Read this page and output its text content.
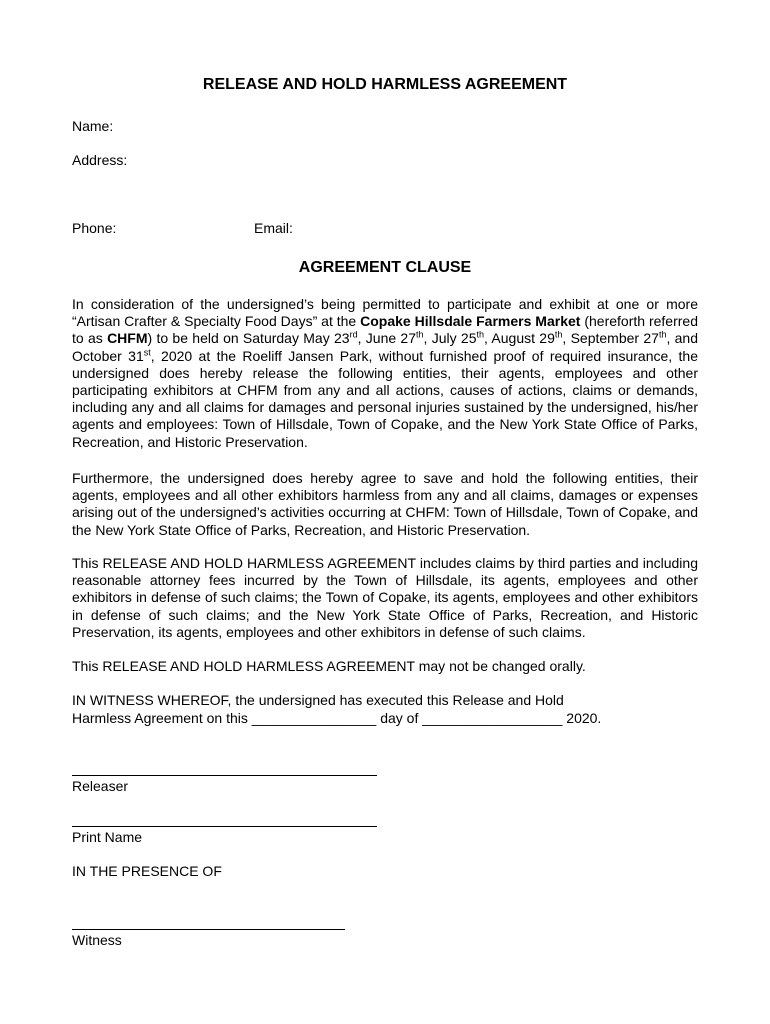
RELEASE AND HOLD HARMLESS AGREEMENT
Name:
Address:
Phone:	Email:
AGREEMENT CLAUSE
In consideration of the undersigned’s being permitted to participate and exhibit at one or more “Artisan Crafter & Specialty Food Days” at the Copake Hillsdale Farmers Market (hereforth referred to as CHFM) to be held on Saturday May 23rd, June 27th, July 25th, August 29th, September 27th, and October 31st, 2020 at the Roeliff Jansen Park, without furnished proof of required insurance, the undersigned does hereby release the following entities, their agents, employees and other participating exhibitors at CHFM from any and all actions, causes of actions, claims or demands, including any and all claims for damages and personal injuries sustained by the undersigned, his/her agents and employees: Town of Hillsdale, Town of Copake, and the New York State Office of Parks, Recreation, and Historic Preservation.
Furthermore, the undersigned does hereby agree to save and hold the following entities, their agents, employees and all other exhibitors harmless from any and all claims, damages or expenses arising out of the undersigned’s activities occurring at CHFM: Town of Hillsdale, Town of Copake, and the New York State Office of Parks, Recreation, and Historic Preservation.
This RELEASE AND HOLD HARMLESS AGREEMENT includes claims by third parties and including reasonable attorney fees incurred by the Town of Hillsdale, its agents, employees and other exhibitors in defense of such claims; the Town of Copake, its agents, employees and other exhibitors in defense of such claims; and the New York State Office of Parks, Recreation, and Historic Preservation, its agents, employees and other exhibitors in defense of such claims.
This RELEASE AND HOLD HARMLESS AGREEMENT may not be changed orally.
IN WITNESS WHEREOF, the undersigned has executed this Release and Hold
Harmless Agreement on this ________________ day of __________________ 2020.
Releaser
Print Name
IN THE PRESENCE OF
Witness
